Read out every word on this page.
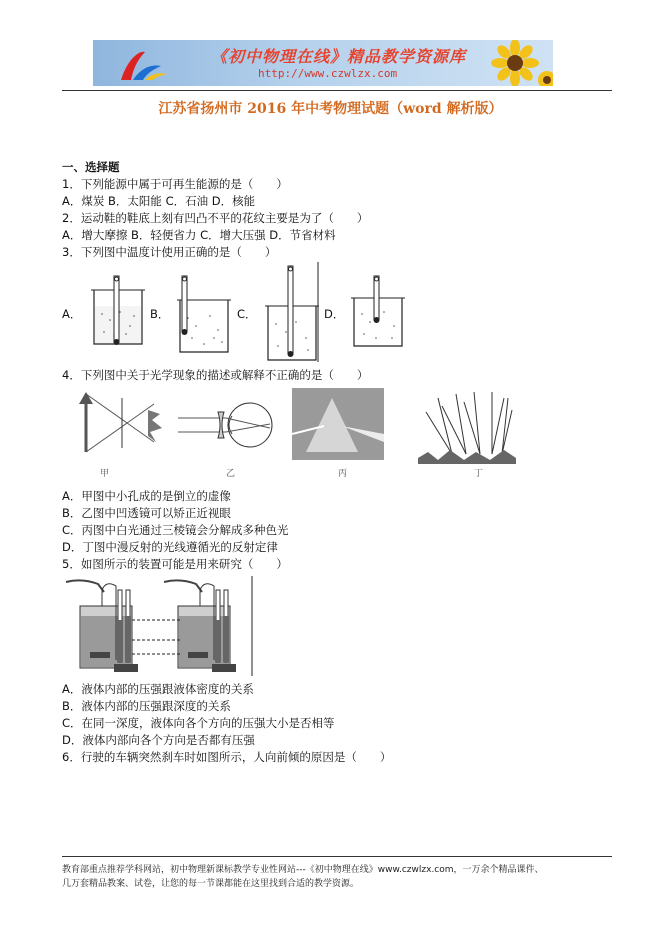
《初中物理在线》精品教学资源库
http://www.czwlzx.com
江苏省扬州市 2016 年中考物理试题（word 解析版）
一、选择题
1．下列能源中属于可再生能源的是（　　）
A．煤炭 B．太阳能 C．石油 D．核能
2．运动鞋的鞋底上刻有凹凸不平的花纹主要是为了（　　）
A．增大摩擦 B．轻便省力 C．增大压强 D．节省材料
3．下列图中温度计使用正确的是（　　）
A．	B．	C．	D．
4．下列图中关于光学现象的描述或解释不正确的是（　　）
甲	乙	丙	丁
A．甲图中小孔成的是倒立的虚像
B．乙图中凹透镜可以矫正近视眼
C．丙图中白光通过三棱镜会分解成多种色光
D．丁图中漫反射的光线遵循光的反射定律
5．如图所示的装置可能是用来研究（　　）
A．液体内部的压强跟液体密度的关系
B．液体内部的压强跟深度的关系
C．在同一深度，液体向各个方向的压强大小是否相等
D．液体内部向各个方向是否都有压强
6．行驶的车辆突然刹车时如图所示，人向前倾的原因是（　　）
教育部重点推荐学科网站，初中物理新课标教学专业性网站---《初中物理在线》www.czwlzx.com，一万余个精品课件、
几万套精品教案、试卷，让您的每一节课都能在这里找到合适的教学资源。
